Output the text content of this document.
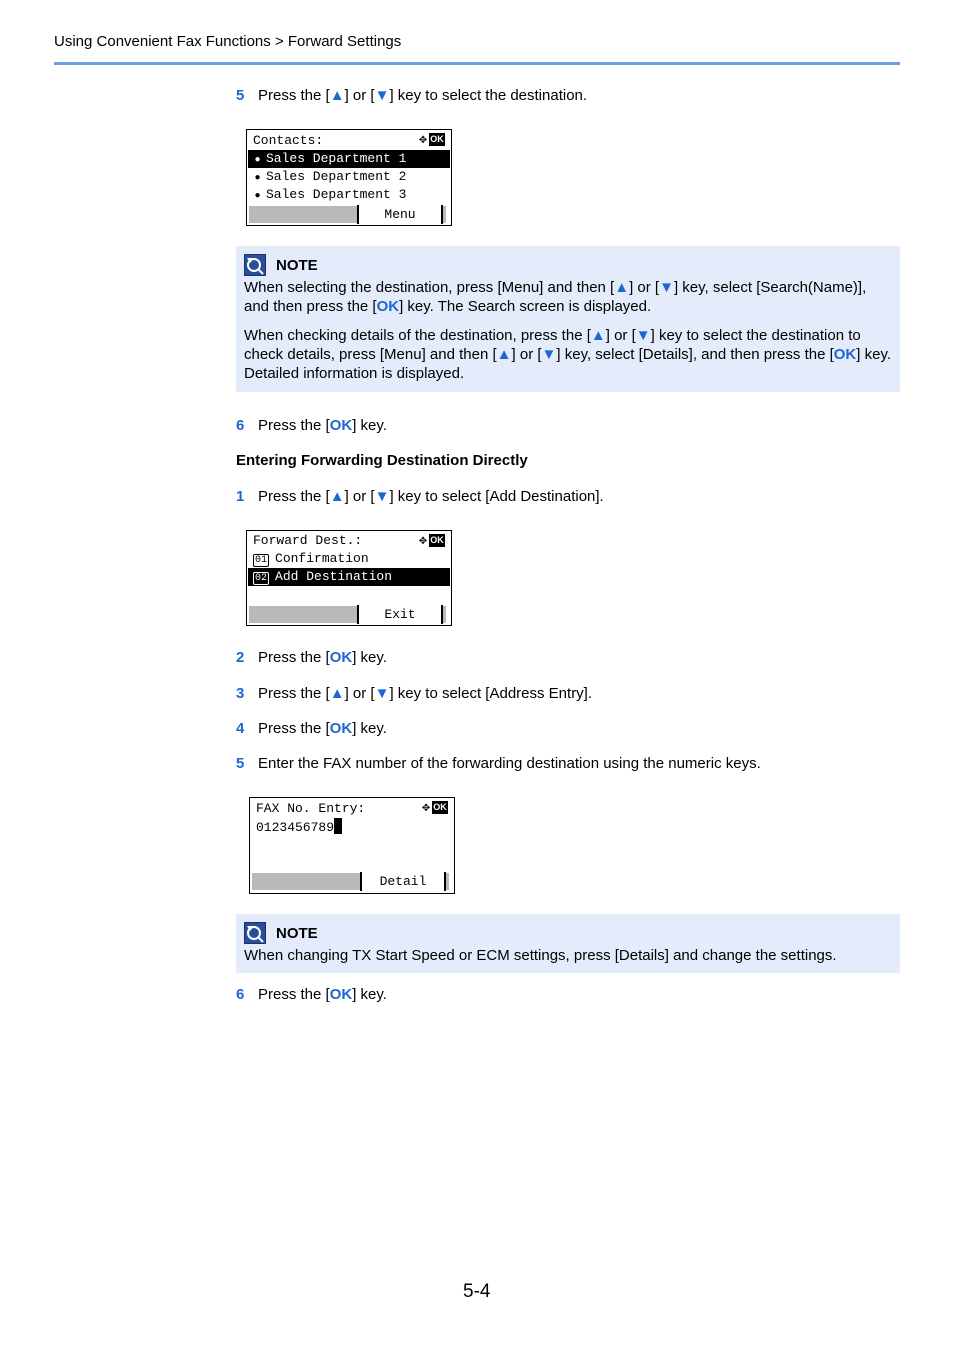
Using Convenient Fax Functions > Forward Settings
5 Press the [▲] or [▼] key to select the destination.
Contacts:	✥ OK
● Sales Department 1
● Sales Department 2
● Sales Department 3
Menu
NOTE

When selecting the destination, press [Menu] and then [▲] or [▼] key, select [Search(Name)], and then press the [OK] key. The Search screen is displayed.

When checking details of the destination, press the [▲] or [▼] key to select the destination to check details, press [Menu] and then [▲] or [▼] key, select [Details], and then press the [OK] key. Detailed information is displayed.

6 Press the [OK] key.
Entering Forwarding Destination Directly
1 Press the [▲] or [▼] key to select [Add Destination].
Forward Dest.:	✥ OK
01 Confirmation
02 Add Destination
Exit
2 Press the [OK] key.
3 Press the [▲] or [▼] key to select [Address Entry].
4 Press the [OK] key.
5 Enter the FAX number of the forwarding destination using the numeric keys.
FAX No. Entry:	✥ OK
0123456789
Detail
NOTE

When changing TX Start Speed or ECM settings, press [Details] and change the settings.

6 Press the [OK] key.
5-4
